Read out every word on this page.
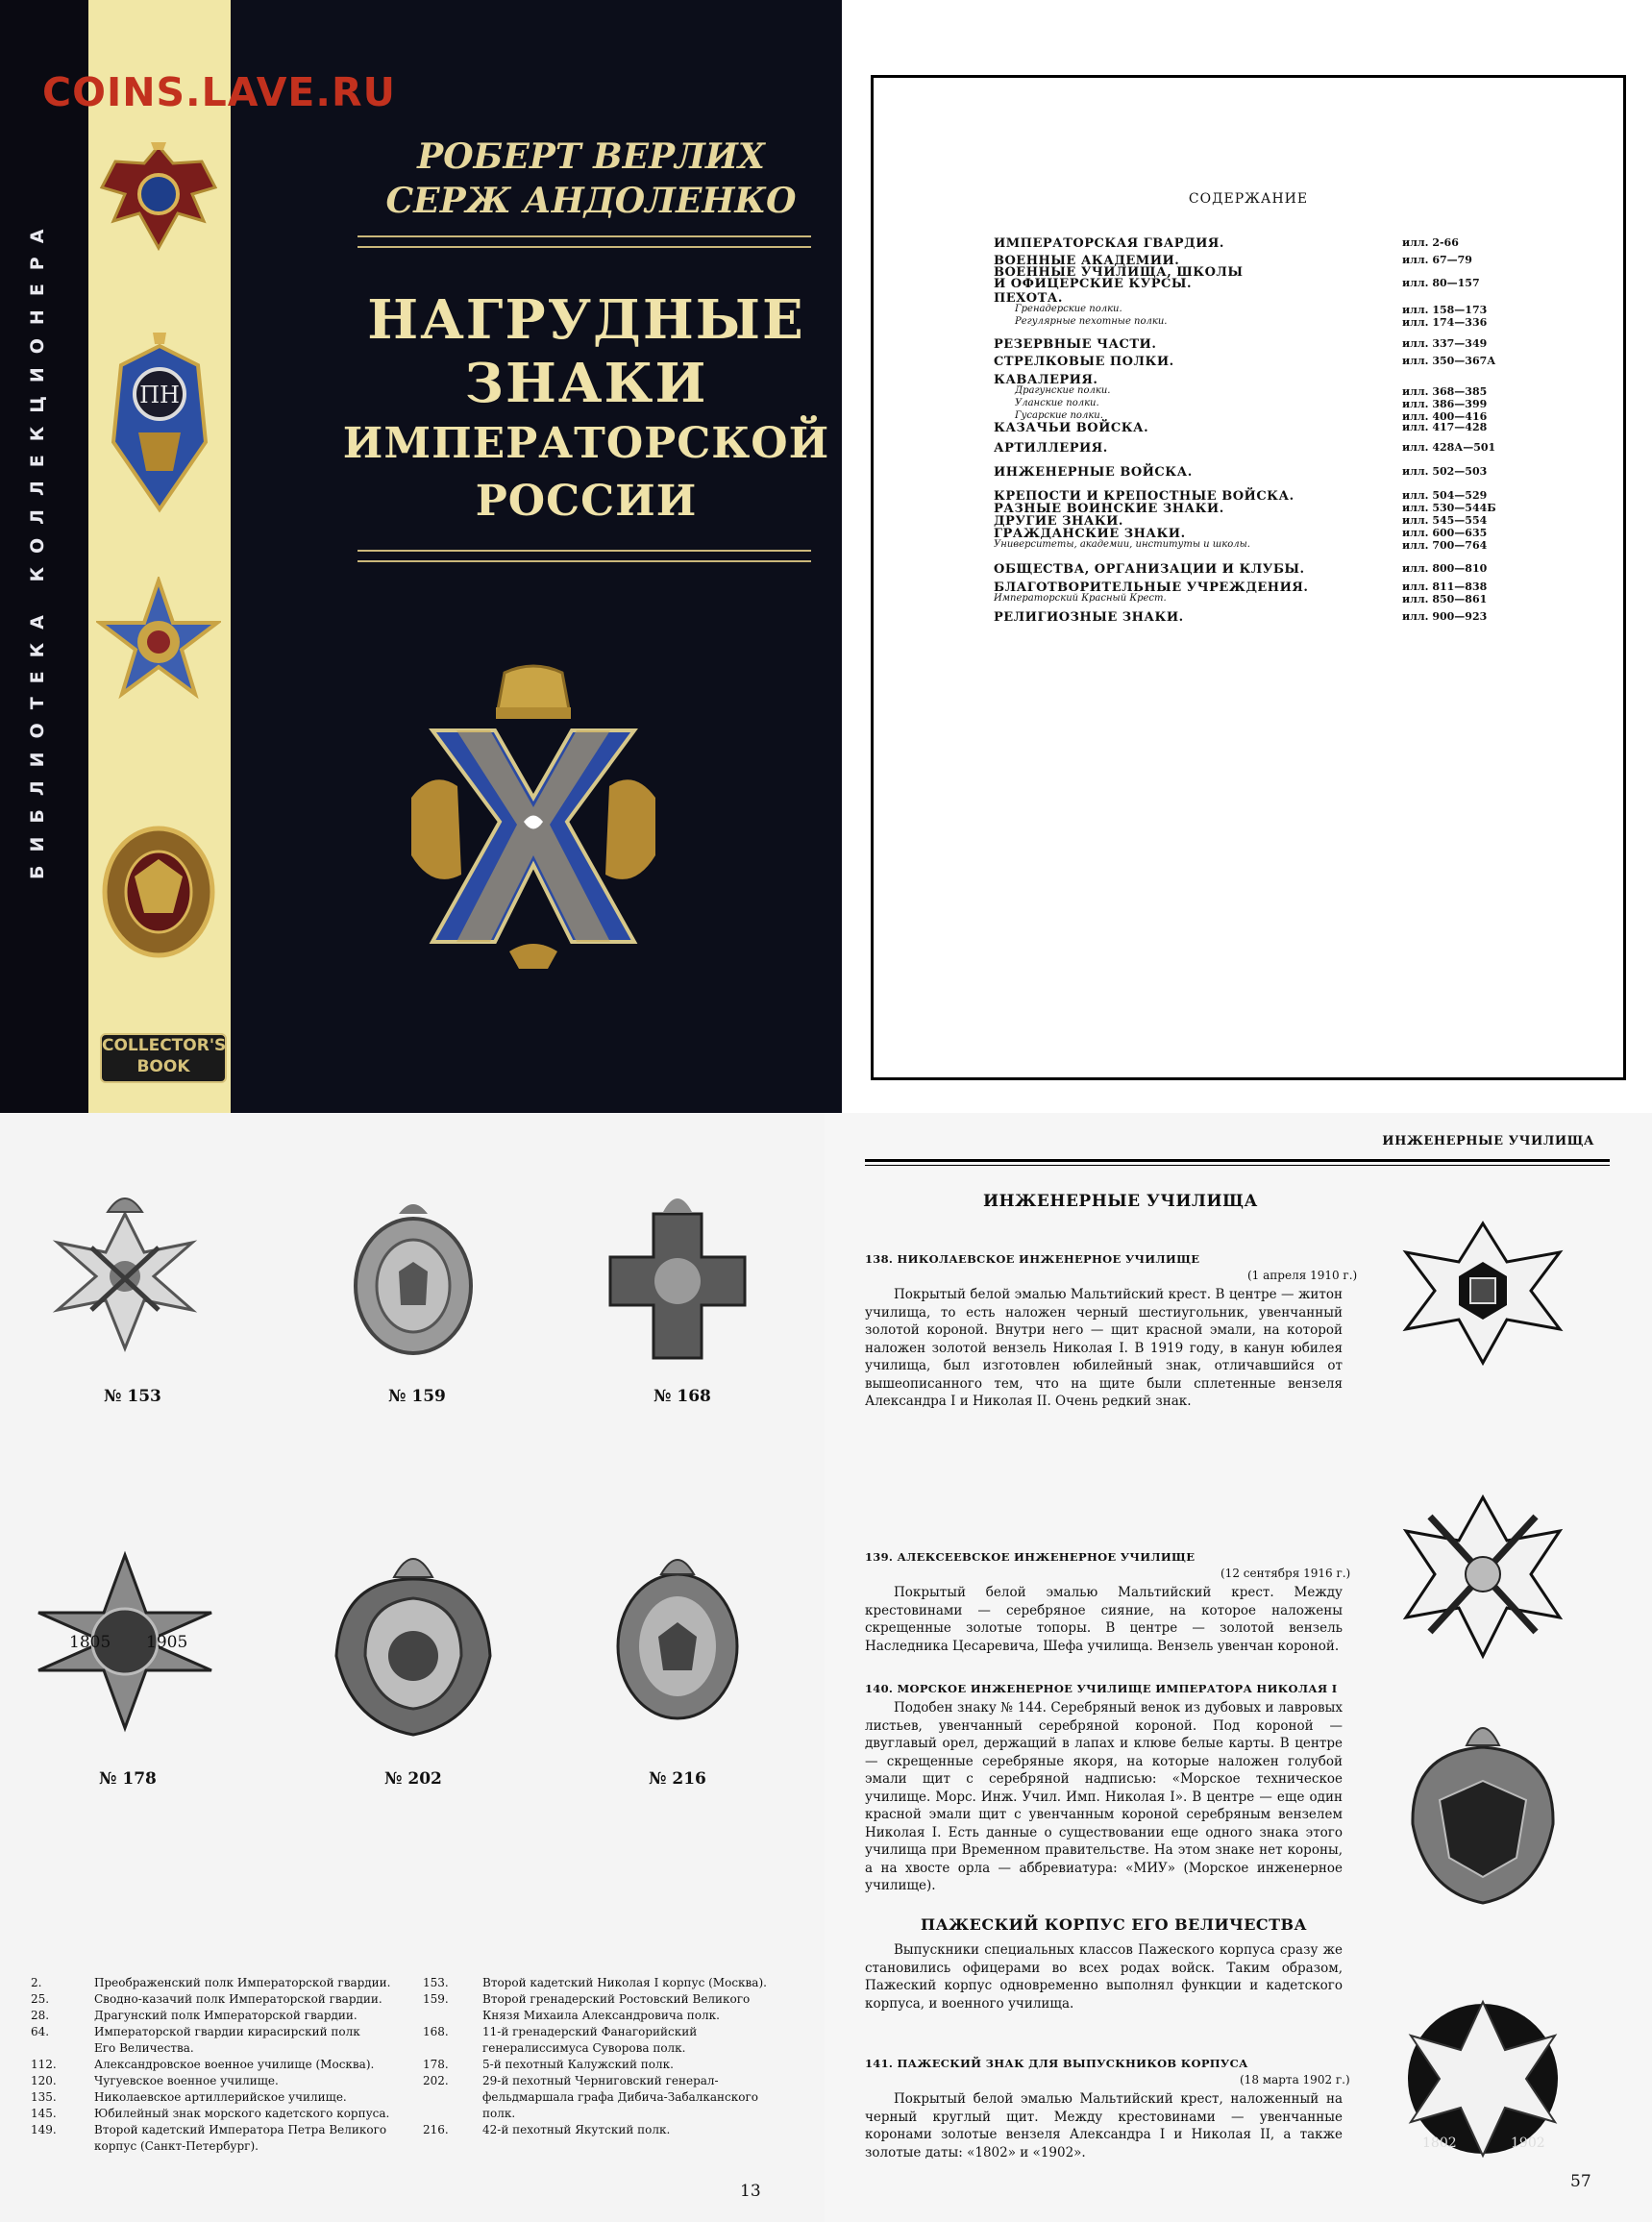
БИБЛИОТЕКА КОЛЛЕКЦИОНЕРА	ПН
COLLECTOR'S
BOOK
COINS.LAVE.RU
РОБЕРТ ВЕРЛИХ
СЕРЖ АНДОЛЕНКО
НАГРУДНЫЕ
ЗНАКИ
ИМПЕРАТОРСКОЙ
РОССИИ
СОДЕРЖАНИЕ
ИМПЕРАТОРСКАЯ ГВАРДИЯ.	илл. 2-66
ВОЕННЫЕ АКАДЕМИИ.	илл. 67—79
ВОЕННЫЕ УЧИЛИЩА, ШКОЛЫ
И ОФИЦЕРСКИЕ КУРСЫ.	илл. 80—157
ПЕХОТА.
Гренадерские полки.	илл. 158—173
Регулярные пехотные полки.	илл. 174—336
РЕЗЕРВНЫЕ ЧАСТИ.	илл. 337—349
СТРЕЛКОВЫЕ ПОЛКИ.	илл. 350—367А
КАВАЛЕРИЯ.
Драгунские полки.	илл. 368—385
Уланские полки.	илл. 386—399
Гусарские полки.	илл. 400—416
КАЗАЧЬИ ВОЙСКА.	илл. 417—428
АРТИЛЛЕРИЯ.	илл. 428А—501
ИНЖЕНЕРНЫЕ ВОЙСКА.	илл. 502—503
КРЕПОСТИ И КРЕПОСТНЫЕ ВОЙСКА.	илл. 504—529
РАЗНЫЕ ВОИНСКИЕ ЗНАКИ.	илл. 530—544Б
ДРУГИЕ ЗНАКИ.	илл. 545—554
ГРАЖДАНСКИЕ ЗНАКИ.	илл. 600—635
Университеты, академии, институты и школы.	илл. 700—764
ОБЩЕСТВА, ОРГАНИЗАЦИИ И КЛУБЫ.	илл. 800—810
БЛАГОТВОРИТЕЛЬНЫЕ УЧРЕЖДЕНИЯ.	илл. 811—838
Императорский Красный Крест.	илл. 850—861
РЕЛИГИОЗНЫЕ ЗНАКИ.	илл. 900—923
№ 153	№ 159	№ 168
1805 1905
№ 178	№ 202	№ 216
2.	Преображенский полк Императорской гвардии.
25.	Сводно-казачий полк Императорской гвардии.
28.	Драгунский полк Императорской гвардии.
64.	Императорской гвардии кирасирский полк
Его Величества.
112.	Александровское военное училище (Москва).
120.	Чугуевское военное училище.
135.	Николаевское артиллерийское училище.
145.	Юбилейный знак морского кадетского корпуса.
149.	Второй кадетский Императора Петра Великого
корпус (Санкт-Петербург).
153.	Второй кадетский Николая I корпус (Москва).
159.	Второй гренадерский Ростовский Великого
Князя Михаила Александровича полк.
168.	11-й гренадерский Фанагорийский
генералиссимуса Суворова полк.
178.	5-й пехотный Калужский полк.
202.	29-й пехотный Черниговский генерал-
фельдмаршала графа Дибича-Забалканского
полк.
216.	42-й пехотный Якутский полк.
13
ИНЖЕНЕРНЫЕ УЧИЛИЩА
ИНЖЕНЕРНЫЕ УЧИЛИЩА
138. НИКОЛАЕВСКОЕ ИНЖЕНЕРНОЕ УЧИЛИЩЕ
(1 апреля 1910 г.)

Покрытый белой эмалью Мальтийский крест. В центре — житон училища, то есть наложен черный шестиугольник, увенчанный золотой короной. Внутри него — щит красной эмали, на которой наложен золотой вензель Николая I. В 1919 году, в канун юбилея училища, был изготовлен юбилейный знак, отличавшийся от вышеописанного тем, что на щите были сплетенные вензеля Александра I и Николая II. Очень редкий знак.

139. АЛЕКСЕЕВСКОЕ ИНЖЕНЕРНОЕ УЧИЛИЩЕ
(12 сентября 1916 г.)

Покрытый белой эмалью Мальтийский крест. Между крестовинами — серебряное сияние, на которое наложены скрещенные золотые топоры. В центре — золотой вензель Наследника Цесаревича, Шефа училища. Вензель увенчан короной.

140. МОРСКОЕ ИНЖЕНЕРНОЕ УЧИЛИЩЕ ИМПЕРАТОРА НИКОЛАЯ I

Подобен знаку № 144. Серебряный венок из дубовых и лавровых листьев, увенчанный серебряной короной. Под короной — двуглавый орел, держащий в лапах и клюве белые карты. В центре — скрещенные серебряные якоря, на которые наложен голубой эмали щит с серебряной надписью: «Морское техническое училище. Морс. Инж. Учил. Имп. Николая I». В центре — еще один красной эмали щит с увенчанным короной серебряным вензелем Николая I. Есть данные о существовании еще одного знака этого училища при Временном правительстве. На этом знаке нет короны, а на хвосте орла — аббревиатура: «МИУ» (Морское инженерное училище).

ПАЖЕСКИЙ КОРПУС ЕГО ВЕЛИЧЕСТВА

Выпускники специальных классов Пажеского корпуса сразу же становились офицерами во всех родах войск. Таким образом, Пажеский корпус одновременно выполнял функции и кадетского корпуса, и военного училища.

141. ПАЖЕСКИЙ ЗНАК ДЛЯ ВЫПУСКНИКОВ КОРПУСА
(18 марта 1902 г.)

Покрытый белой эмалью Мальтийский крест, наложенный на черный круглый щит. Между крестовинами — увенчанные коронами золотые вензеля Александра I и Николая II, а также золотые даты: «1802» и «1902».

1802	1902
57
